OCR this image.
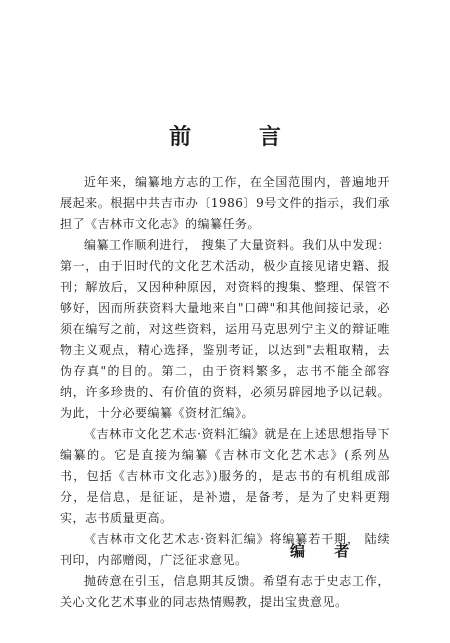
前 言

近年来，编纂地方志的工作，在全国范围内，普遍地开展起来。根据中共吉市办〔1986〕9号文件的指示，我们承担了《吉林市文化志》的编纂任务。

编纂工作顺利进行， 搜集了大量资料。我们从中发现：第一，由于旧时代的文化艺术活动，极少直接见诸史籍、报刊；解放后，又因种种原因，对资料的搜集、整理、保管不够好，因而所获资料大量地来自"口碑"和其他间接记录，必须在编写之前，对这些资料，运用马克思列宁主义的辩证唯物主义观点，精心选择，鉴别考证，以达到"去粗取精，去伪存真"的目的。第二，由于资料繁多，志书不能全部容纳，许多珍贵的、有价值的资料，必须另辟园地予以记载。为此，十分必要编纂《资材汇编》。

《吉林市文化艺术志·资料汇编》就是在上述思想指导下编纂的。它是直接为编纂《吉林市文化艺术志》(系列丛书，包括《吉林市文化志》)服务的，是志书的有机组成部分，是信息，是征证，是补遗，是备考，是为了史料更翔实，志书质量更高。

《吉林市文化艺术志·资料汇编》将编纂若干期， 陆续刊印，内部赠阅，广泛征求意见。

抛砖意在引玉，信息期其反馈。希望有志于史志工作，关心文化艺术事业的同志热情赐教，提出宝贵意见。

编 者
